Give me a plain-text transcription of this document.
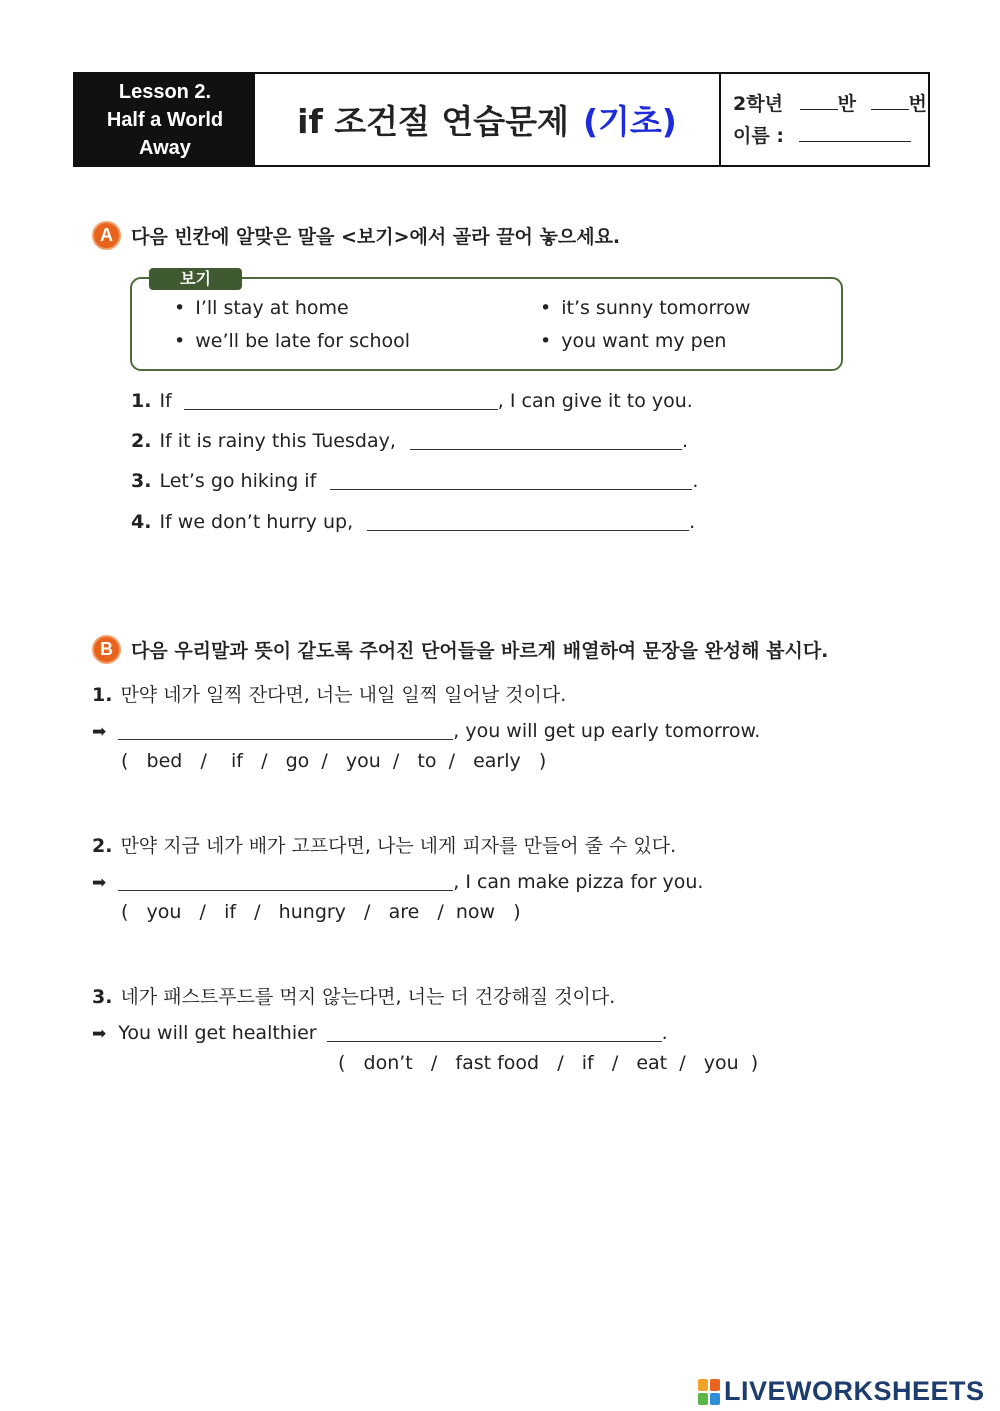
Lesson 2.
Half a World
Away
if 조건절 연습문제 (기초)	2학년	반	번
이름 :
A 다음 빈칸에 알맞은 말을 <보기>에서 골라 끌어 놓으세요.
보기
• I’ll stay at home	• it’s sunny tomorrow
• we’ll be late for school	• you want my pen
1. If	, I can give it to you.
2. If it is rainy this Tuesday,	.
3. Let’s go hiking if	.
4. If we don’t hurry up,	.
B 다음 우리말과 뜻이 같도록 주어진 단어들을 바르게 배열하여 문장을 완성해 봅시다.
1. 만약 네가 일찍 잔다면, 너는 내일 일찍 일어날 것이다.
➡	, you will get up early tomorrow.
(   bed   /    if   /   go  /   you  /   to  /   early   )
2. 만약 지금 네가 배가 고프다면, 나는 네게 피자를 만들어 줄 수 있다.
➡	, I can make pizza for you.
(   you   /   if   /   hungry   /   are   /  now   )
3. 네가 패스트푸드를 먹지 않는다면, 너는 더 건강해질 것이다.
➡ You will get healthier	.
(   don’t   /   fast food   /   if   /   eat  /   you  )
LIVEWORKSHEETS
